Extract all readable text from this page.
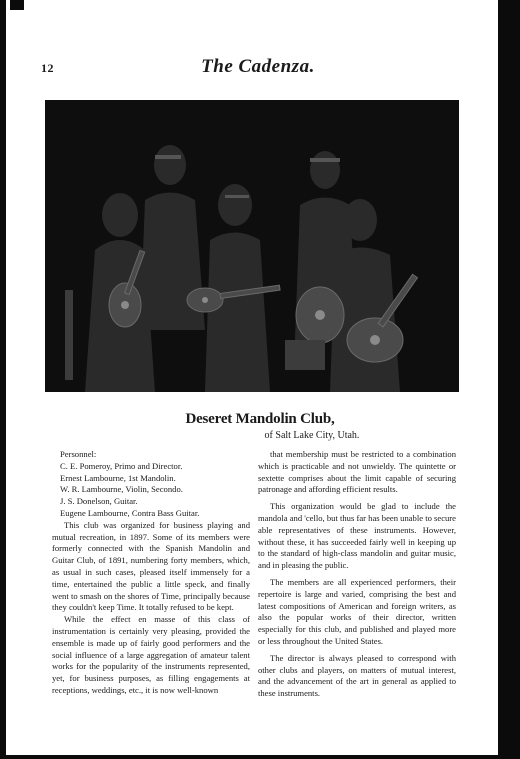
12	The Cadenza.
Deseret Mandolin Club,
of Salt Lake City, Utah.
Personnel:
C. E. Pomeroy, Primo and Director.
Ernest Lambourne, 1st Mandolin.
W. R. Lambourne, Violin, Secondo.
J. S. Donelson, Guitar.
Eugene Lambourne, Contra Bass Guitar.

This club was organized for business playing and mutual recreation, in 1897. Some of its members were formerly connected with the Spanish Mandolin and Guitar Club, of 1891, numbering forty members, which, as usual in such cases, pleased itself immensely for a time, entertained the public a little speck, and finally went to smash on the shores of Time, principally because they couldn't keep Time. It totally refused to be kept.

While the effect en masse of this class of instrumentation is certainly very pleasing, provided the ensemble is made up of fairly good performers and the social influence of a large aggregation of amateur talent works for the popularity of the instruments represented, yet, for business purposes, as filling engagements at receptions, weddings, etc., it is now well-known

that membership must be restricted to a combination which is practicable and not unwieldy. The quintette or sextette comprises about the limit capable of securing patronage and affording efficient results.

This organization would be glad to include the mandola and 'cello, but thus far has been unable to secure able representatives of these instruments. However, without these, it has succeeded fairly well in keeping up to the standard of high-class mandolin and guitar music, and in pleasing the public.

The members are all experienced performers, their repertoire is large and varied, comprising the best and latest compositions of American and foreign writers, as also the popular works of their director, written especially for this club, and published and played more or less throughout the United States.

The director is always pleased to correspond with other clubs and players, on matters of mutual interest, and the advancement of the art in general as applied to these instruments.
